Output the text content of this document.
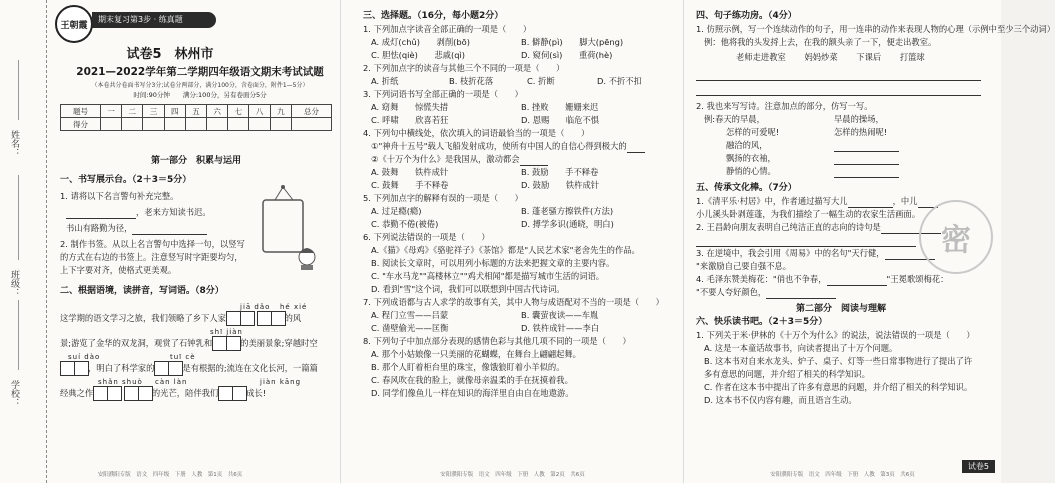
姓名：
班级：
学校：
王朝霞
期末复习第3步 · 练真题
试卷5　林州市
2021—2022学年第二学期四年级语文期末考试试题
（本卷共分卷面书写分3分;试卷分两部分，满分100分，含卷面分，附件1—5分）
时间:90分钟　　满分:100分，另有卷面分5分
题号	一	二	三	四	五	六	七	八	九	总分
得分										
第一部分　积累与运用
一、书写展示台。（2＋3＝5分）
1. 请将以下名言警句补充完整。
，老来方知读书迟。
书山有路勤为径，
2. 制作书签。从以上名言警句中选择一句，以竖写的方式在右边的书签上。注意竖写时字距要均匀，上下字要对齐，使格式更美观。
二、根据语境，读拼音，写词语。（8分）
jiā dǎo hé xié
这学期的语文学习之旅，我们领略了乡下人家	的风
shī jiàn
景;游览了金华的双龙洞，观赏了石钟乳和	的美丽景象;穿越时空
suí dào	tuī cè
，明白了科学家的	是有根据的;流连在文化长河，一篇篇
shǎn shuò càn làn	jiàn kāng
经典之作	的光芒，陪伴我们	成长!
安阳濮阳专版　语文　四年级　下册　人教　第1页　共6页
三、选择题。（16分，每小题2分）
1. 下列加点字读音全部正确的一项是（　　）
A. 成灯(chǔ)　　剥削(bō)	B. 僻静(pì)　　脚大(pēng)
C. 胆怯(qiè)　　悲戚(qì)	D. 窥伺(sì)　　重荷(hè)
2. 下列加点字的读音与其他三个不同的一项是（　　）
A. 折纸	B. 枝折花落	C. 折断	D. 不折不扣
3. 下列词语书写全部正确的一项是（　　）
A. 窈舞　　惊慌失措	B. 挫败　　姗姗来迟
C. 呼啸　　欣喜若狂	D. 恩赐　　临危不惧
4. 下列句中横线处，依次填入的词语最恰当的一项是（　　）
①"神舟十五号"载人飞船发射成功，使所有中国人的自信心得到极大的
②《十万个为什么》是我国从，激动都会
A. 鼓舞　　铁杵成针	B. 鼓励　　手不释卷
C. 鼓舞　　手不释卷	D. 鼓励　　铁杵成针
5. 下列加点字的解释有误的一项是（　　）
A. 过足瘾(瘾)	B. 蓬老骚方擦铁件(方法)
C. 恭勤不倦(被倦)	D. 搏学多识(通晓，明白)
6. 下列说法错误的一项是（　　）
A.《猫》《母鸡》《骆驼祥子》《茶馆》都是"人民艺术家"老舍先生的作品。
B. 阅读长文章时，可以用列小标题的方法来把握文章的主要内容。
C. "车水马龙""高楼林立""鸡犬相闻"都是描写城市生活的词语。
D. 看到"雪"这个词，我们可以联想到中国古代诗词。
7. 下列成语都与古人求学的故事有关，其中人物与成语配对不当的一项是（　　）
A. 程门立雪——吕蒙	B. 囊萤夜读——车胤
C. 凿壁偷光——匡衡	D. 铁杵成针——李白
8. 下列句子中加点部分表现的感情色彩与其他几项不同的一项是（　　）
A. 那个小姑娘像一只美丽的花蝴蝶，在舞台上翩翩起舞。
B. 那个人盯着柜台里的珠宝，像饿狼盯着小羊似的。
C. 春风吹在我的脸上，就像母亲温柔的手在抚摸着我。
D. 同学们像鱼儿一样在知识的海洋里自由自在地遨游。
安阳濮阳专版　语文　四年级　下册　人教　第2页　共6页
四、句子练功房。（4分）
1. 仿照示例，写一个连续动作的句子，用一连串的动作来表现人物的心理（示例中至少三个动词）
例：他将我的头发捋上去，在我的额头亲了一下，便走出教室。
老师走进教室 妈妈炒菜 下课后 打篮球
2. 我也来写写诗。注意加点的部分，仿写一写。
例:春天的早晨，	早晨的操场，
怎样的可爱呢!	怎样的热闹呢!
融洽的风，
飘扬的衣袖，
静悄的心情。
五、传承文化棒。（7分）
1.《清平乐·村居》中，作者通过描写大儿	，中儿
小儿溪头卧剥莲蓬，为我们描绘了一幅生动的农家生活画面。
2. 王昌龄向朋友表明自己纯洁正直的志向的诗句是
3. 在逆境中，我会引用《周易》中的名句"天行健，
"来激励自己要自强不息。
4. 毛泽东赞美梅花："俏也不争春，	"王冕歌颂梅花：
"不要人夸好颜色，
第二部分　阅读与理解
六、快乐读书吧。（2＋3＝5分）
1. 下列关于米·伊林的《十万个为什么》的说法，说法错误的一项是（　　）
A. 这是一本童话故事书，向读者提出了十万个问题。
B. 这本书对自来水龙头、炉子、桌子、灯等一些日常事物进行了提出了许多有意思的问题，并介绍了相关的科学知识。
C. 作者在这本书中提出了许多有意思的问题，并介绍了相关的科学知识。
D. 这本书不仅内容有趣，而且语言生动。
密
试卷5
安阳濮阳专版　语文　四年级　下册　人教　第3页　共6页
